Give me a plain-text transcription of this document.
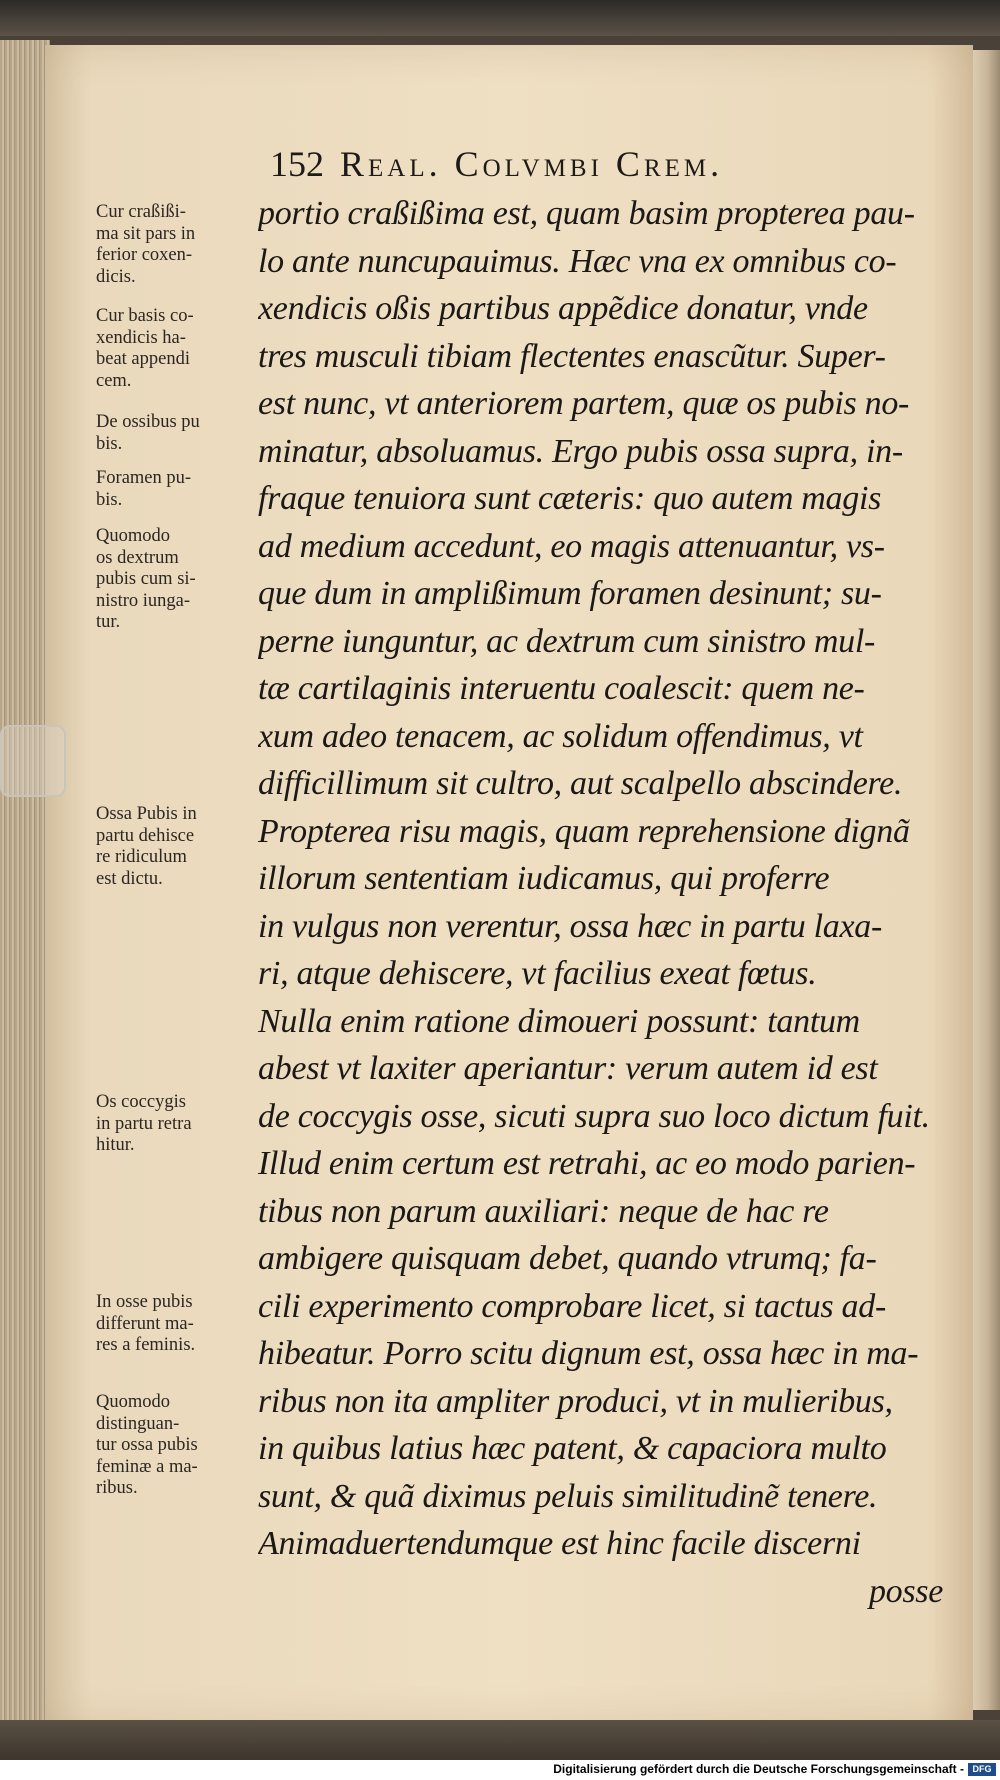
152 Real. Colvmbi Crem.
portio craßißima est, quam basim propterea pau-
lo ante nuncupauimus. Hæc vna ex omnibus co-
xendicis oßis partibus appẽdice donatur, vnde
tres musculi tibiam flectentes enascũtur. Super-
est nunc, vt anteriorem partem, quæ os pubis no-
minatur, absoluamus. Ergo pubis ossa supra, in-
fraque tenuiora sunt cæteris: quo autem magis
ad medium accedunt, eo magis attenuantur, vs-
que dum in amplißimum foramen desinunt; su-
perne iunguntur, ac dextrum cum sinistro mul-
tæ cartilaginis interuentu coalescit: quem ne-
xum adeo tenacem, ac solidum offendimus, vt
difficillimum sit cultro, aut scalpello abscindere.
Propterea risu magis, quam reprehensione dignã
illorum sententiam iudicamus, qui proferre
in vulgus non verentur, ossa hæc in partu laxa-
ri, atque dehiscere, vt facilius exeat fœtus.
Nulla enim ratione dimoueri possunt: tantum
abest vt laxiter aperiantur: verum autem id est
de coccygis osse, sicuti supra suo loco dictum fuit.
Illud enim certum est retrahi, ac eo modo parien-
tibus non parum auxiliari: neque de hac re
ambigere quisquam debet, quando vtrumq; fa-
cili experimento comprobare licet, si tactus ad-
hibeatur. Porro scitu dignum est, ossa hæc in ma-
ribus non ita ampliter produci, vt in mulieribus,
in quibus latius hæc patent, & capaciora multo
sunt, & quã diximus peluis similitudinẽ tenere.
Animaduertendumque est hinc facile discerni
posse
Cur craßißi-
ma sit pars in
ferior coxen-
dicis.
Cur basis co-
xendicis ha-
beat appendi
cem.
De ossibus pu
bis.
Foramen pu-
bis.
Quomodo
os dextrum
pubis cum si-
nistro iunga-
tur.
Ossa Pubis in
partu dehisce
re ridiculum
est dictu.
Os coccygis
in partu retra
hitur.
In osse pubis
differunt ma-
res a feminis.
Quomodo
distinguan-
tur ossa pubis
feminæ a ma-
ribus.
Digitalisierung gefördert durch die Deutsche Forschungsgemeinschaft - DFG
